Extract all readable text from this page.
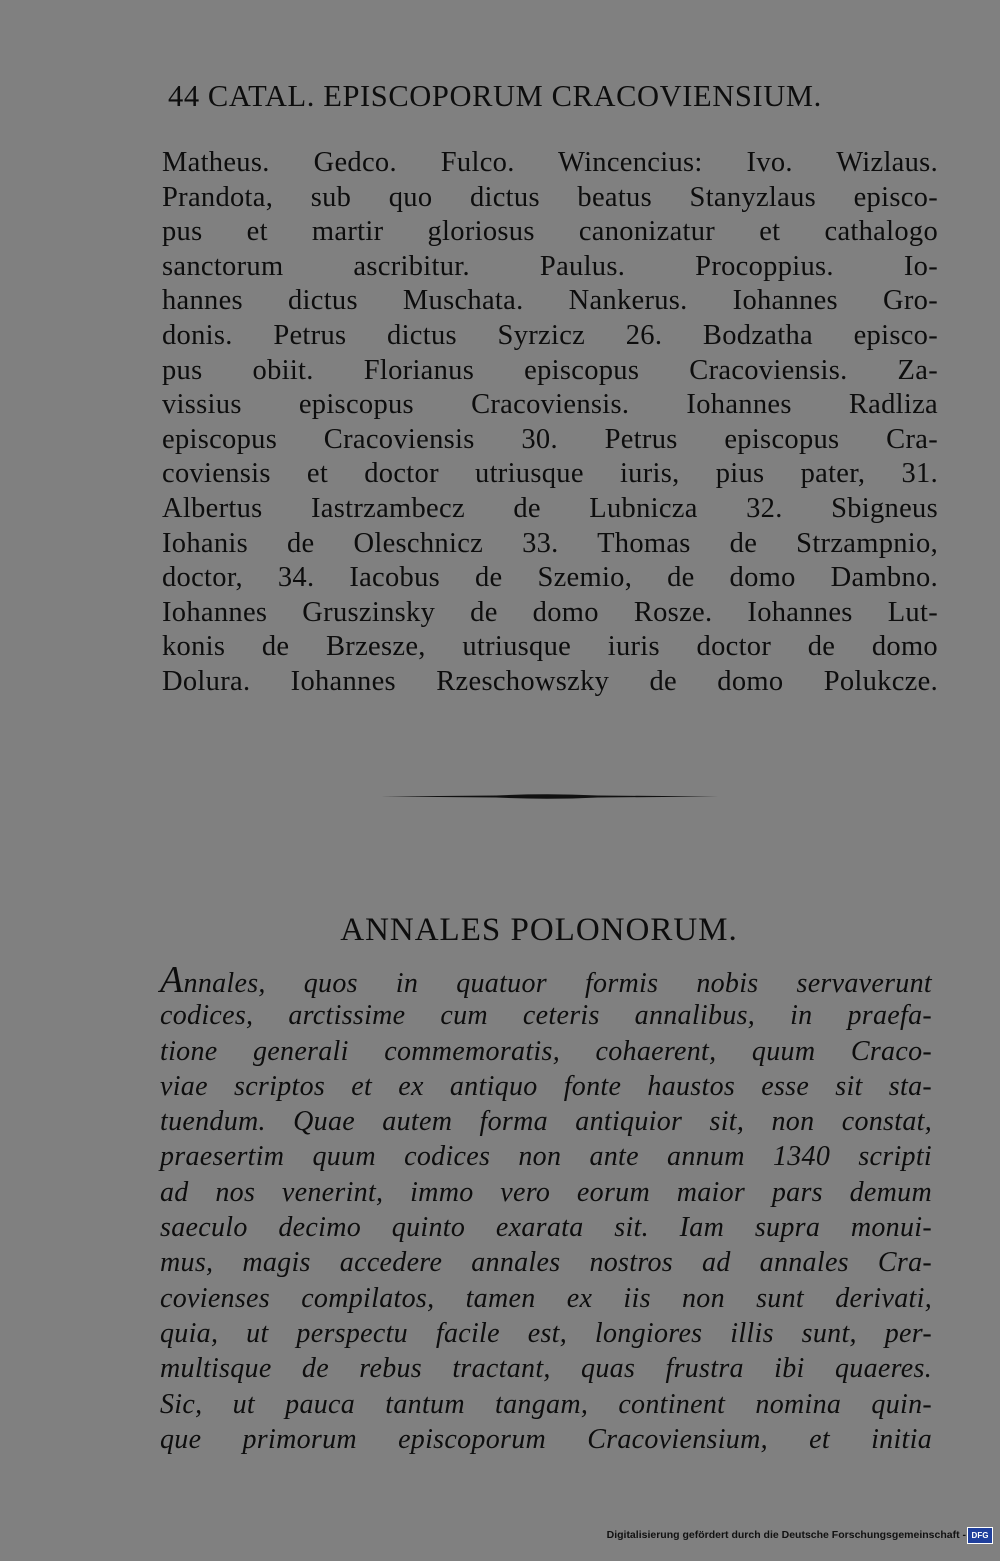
44 CATAL. EPISCOPORUM CRACOVIENSIUM.
Matheus. Gedco. Fulco. Wincencius: Ivo. Wizlaus.
Prandota, sub quo dictus beatus Stanyzlaus episco-
pus et martir gloriosus canonizatur et cathalogo
sanctorum ascribitur. Paulus. Procoppius. Io-
hannes dictus Muschata. Nankerus. Iohannes Gro-
donis. Petrus dictus Syrzicz 26. Bodzatha episco-
pus obiit. Florianus episcopus Cracoviensis. Za-
vissius episcopus Cracoviensis. Iohannes Radliza
episcopus Cracoviensis 30. Petrus episcopus Cra-
coviensis et doctor utriusque iuris, pius pater, 31.
Albertus Iastrzambecz de Lubnicza 32. Sbigneus
Iohanis de Oleschnicz 33. Thomas de Strzampnio,
doctor, 34. Iacobus de Szemio, de domo Dambno.
Iohannes Gruszinsky de domo Rosze. Iohannes Lut-
konis de Brzesze, utriusque iuris doctor de domo
Dolura. Iohannes Rzeschowszky de domo Polukcze.
ANNALES POLONORUM.
Annales, quos in quatuor formis nobis servaverunt
codices, arctissime cum ceteris annalibus, in praefa-
tione generali commemoratis, cohaerent, quum Craco-
viae scriptos et ex antiquo fonte haustos esse sit sta-
tuendum. Quae autem forma antiquior sit, non constat,
praesertim quum codices non ante annum 1340 scripti
ad nos venerint, immo vero eorum maior pars demum
saeculo decimo quinto exarata sit. Iam supra monui-
mus, magis accedere annales nostros ad annales Cra-
covienses compilatos, tamen ex iis non sunt derivati,
quia, ut perspectu facile est, longiores illis sunt, per-
multisque de rebus tractant, quas frustra ibi quaeres.
Sic, ut pauca tantum tangam, continent nomina quin-
que primorum episcoporum Cracoviensium, et initia
Digitalisierung gefördert durch die Deutsche Forschungsgemeinschaft - DFG
